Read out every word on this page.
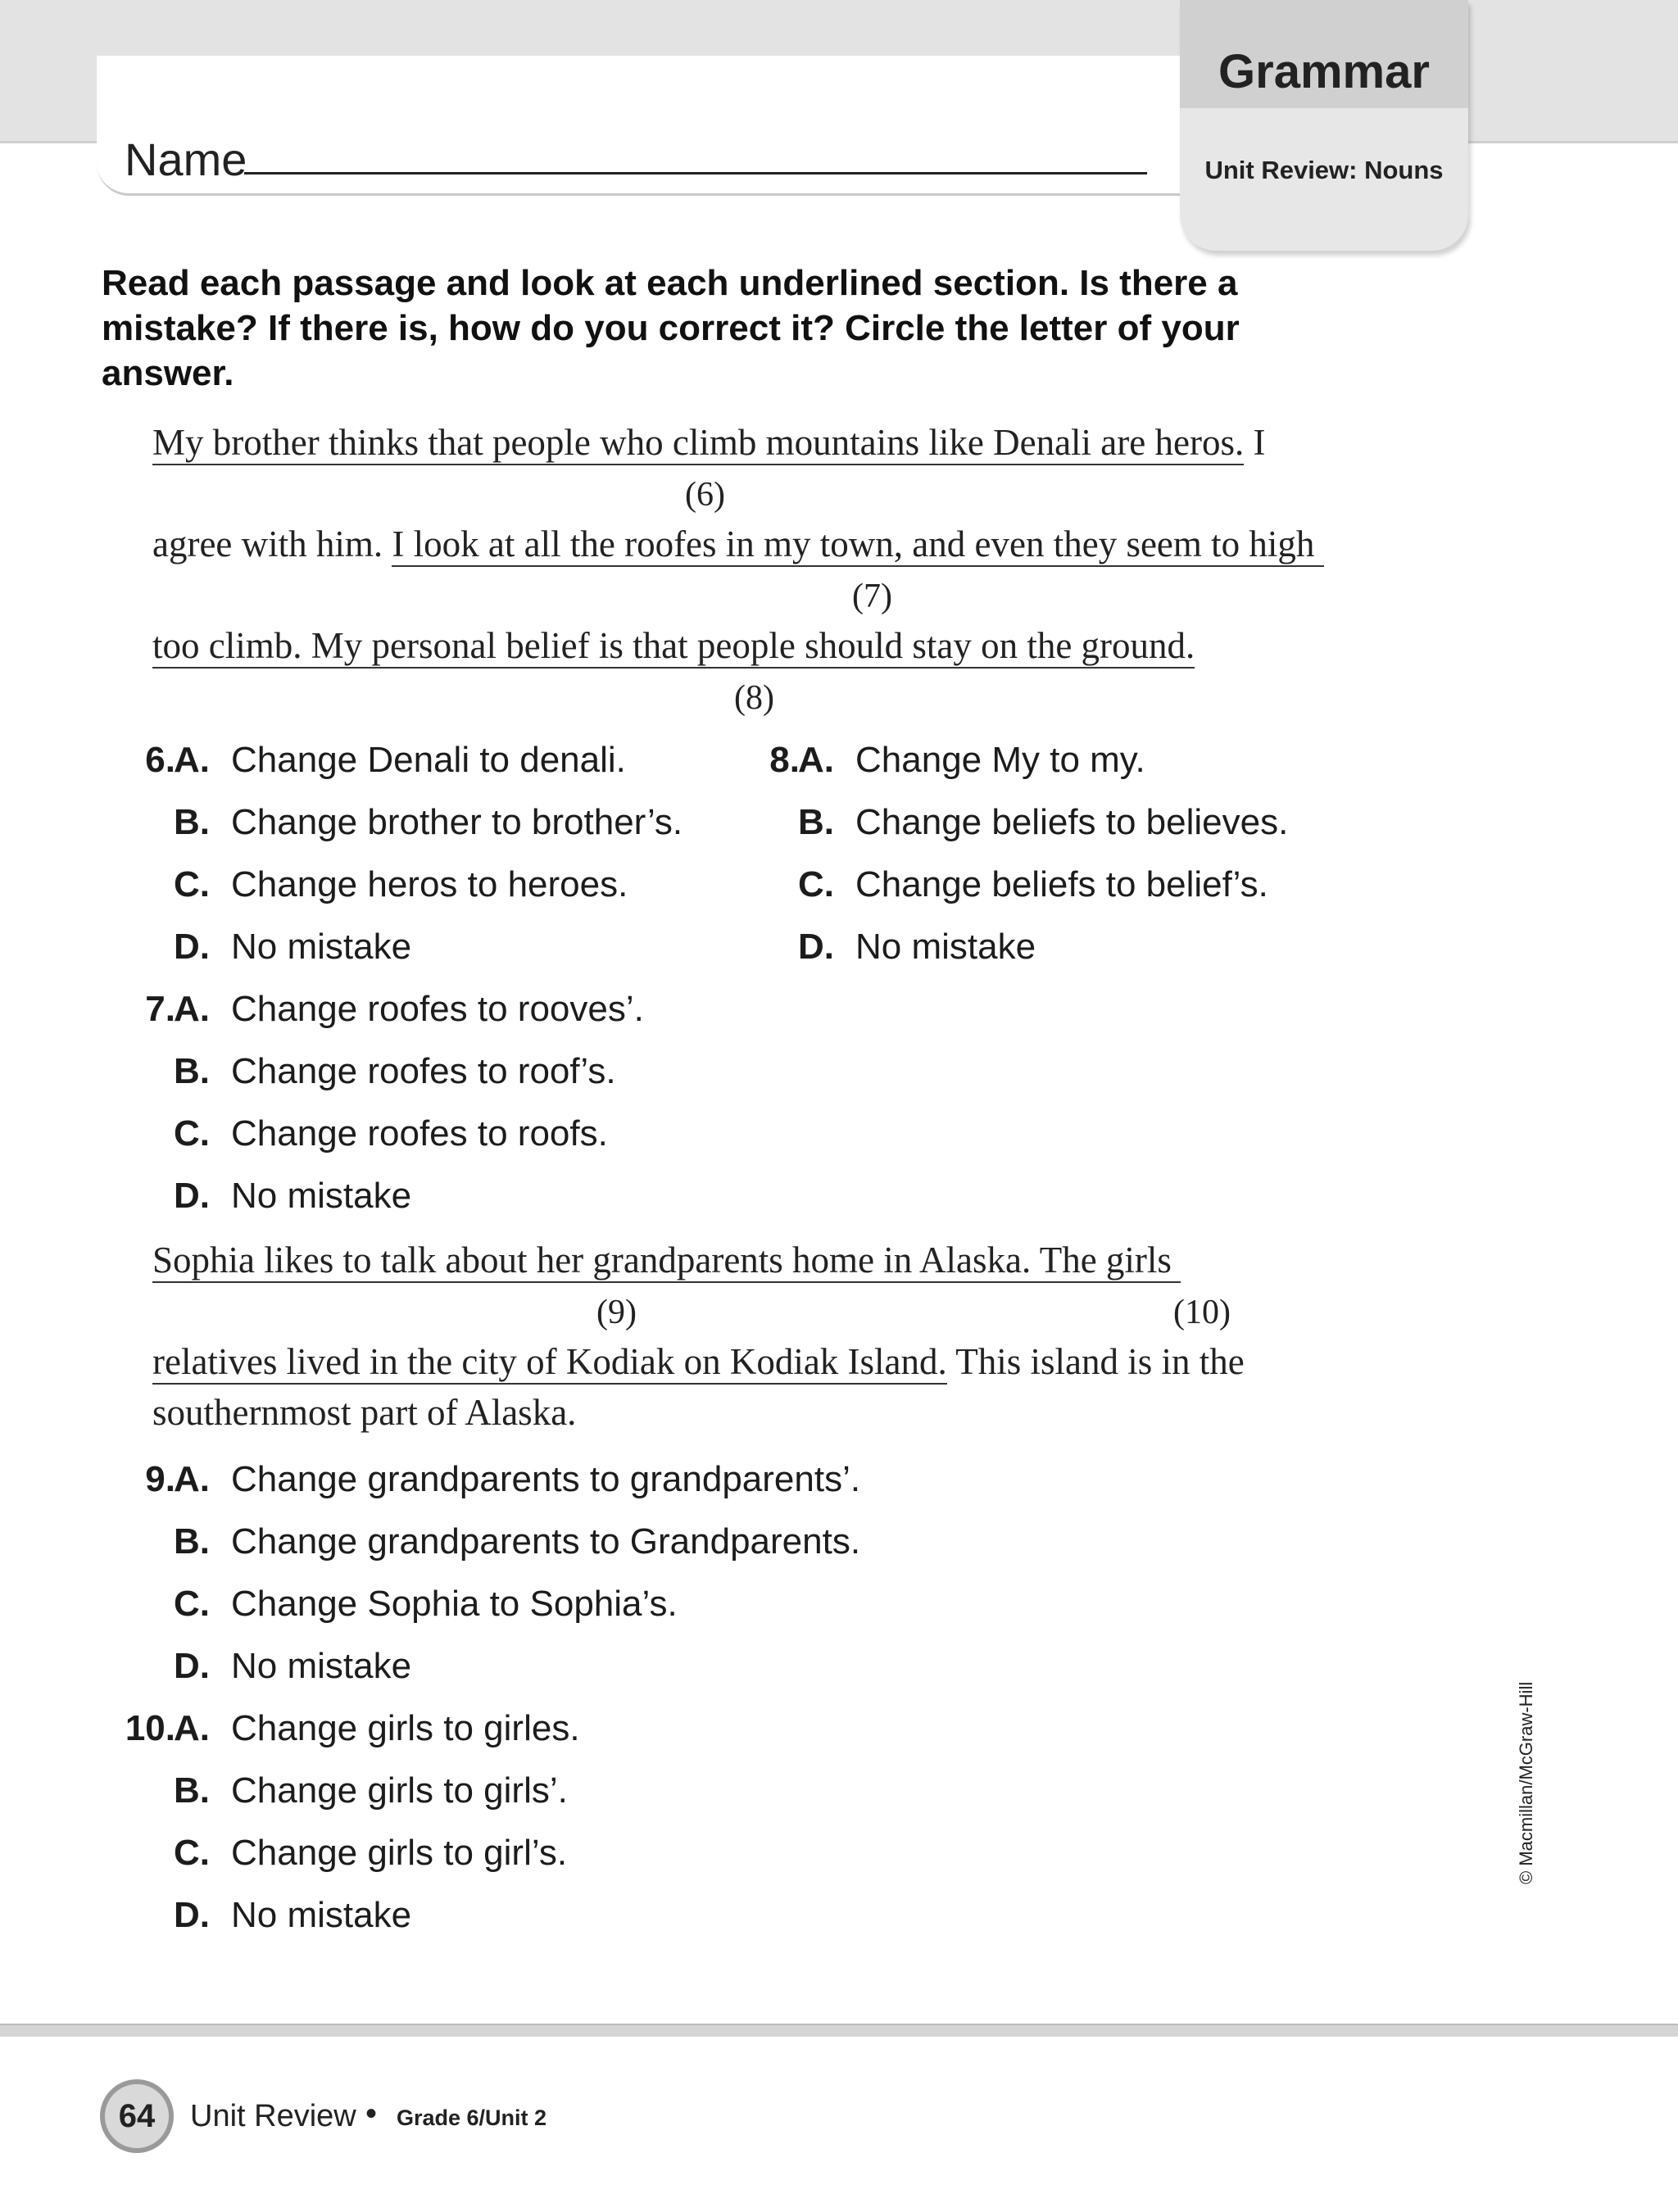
Name
Grammar
Unit Review: Nouns
Read each passage and look at each underlined section. Is there a
mistake? If there is, how do you correct it? Circle the letter of your
answer.

My brother thinks that people who climb mountains like Denali are heros. I

agree with him. I look at all the roofes in my town, and even they seem to high

too climb. My personal belief is that people should stay on the ground.

(6)
(7)
(8)
6.
A. Change Denali to denali.
B. Change brother to brother’s.
C. Change heros to heroes.
D. No mistake
7.
A. Change roofes to rooves’.
B. Change roofes to roof’s.
C. Change roofes to roofs.
D. No mistake
8.
A. Change My to my.
B. Change beliefs to believes.
C. Change beliefs to belief’s.
D. No mistake

Sophia likes to talk about her grandparents home in Alaska. The girls

relatives lived in the city of Kodiak on Kodiak Island. This island is in the

southernmost part of Alaska.

(9)	(10)
9.
A. Change grandparents to grandparents’.
B. Change grandparents to Grandparents.
C. Change Sophia to Sophia’s.
D. No mistake
10.
A. Change girls to girles.
B. Change girls to girls’.
C. Change girls to girl’s.
D. No mistake
© Macmillan/McGraw-Hill
64	Unit Review • Grade 6/Unit 2
